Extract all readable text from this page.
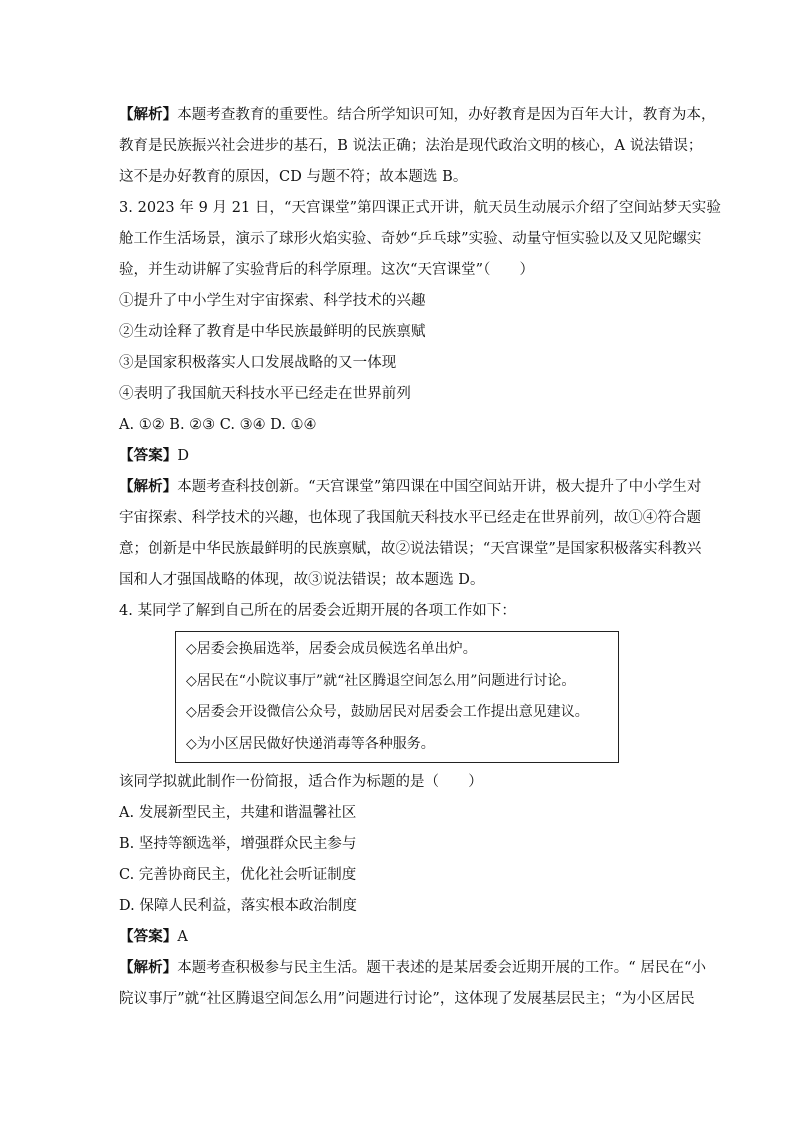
【解析】本题考查教育的重要性。结合所学知识可知，办好教育是因为百年大计，教育为本，
教育是民族振兴社会进步的基石，B 说法正确；法治是现代政治文明的核心，A 说法错误；
这不是办好教育的原因，CD 与题不符；故本题选 B。
3. 2023 年 9 月 21 日，“天宫课堂”第四课正式开讲，航天员生动展示介绍了空间站梦天实验
舱工作生活场景，演示了球形火焰实验、奇妙“乒乓球”实验、动量守恒实验以及又见陀螺实
验，并生动讲解了实验背后的科学原理。这次“天宫课堂”（　　）
①提升了中小学生对宇宙探索、科学技术的兴趣
②生动诠释了教育是中华民族最鲜明的民族禀赋
③是国家积极落实人口发展战略的又一体现
④表明了我国航天科技水平已经走在世界前列
A. ①② B. ②③ C. ③④ D. ①④
【答案】D
【解析】本题考查科技创新。“天宫课堂”第四课在中国空间站开讲，极大提升了中小学生对
宇宙探索、科学技术的兴趣，也体现了我国航天科技水平已经走在世界前列，故①④符合题
意；创新是中华民族最鲜明的民族禀赋，故②说法错误；“天宫课堂”是国家积极落实科教兴
国和人才强国战略的体现，故③说法错误；故本题选 D。
4. 某同学了解到自己所在的居委会近期开展的各项工作如下：
◇居委会换届选举，居委会成员候选名单出炉。
◇居民在“小院议事厅”就“社区腾退空间怎么用”问题进行讨论。
◇居委会开设微信公众号，鼓励居民对居委会工作提出意见建议。
◇为小区居民做好快递消毒等各种服务。
该同学拟就此制作一份简报，适合作为标题的是（　　）
A. 发展新型民主，共建和谐温馨社区
B. 坚持等额选举，增强群众民主参与
C. 完善协商民主，优化社会听证制度
D. 保障人民利益，落实根本政治制度
【答案】A
【解析】本题考查积极参与民主生活。题干表述的是某居委会近期开展的工作。“ 居民在“小
院议事厅”就“社区腾退空间怎么用”问题进行讨论”，这体现了发展基层民主；“为小区居民
